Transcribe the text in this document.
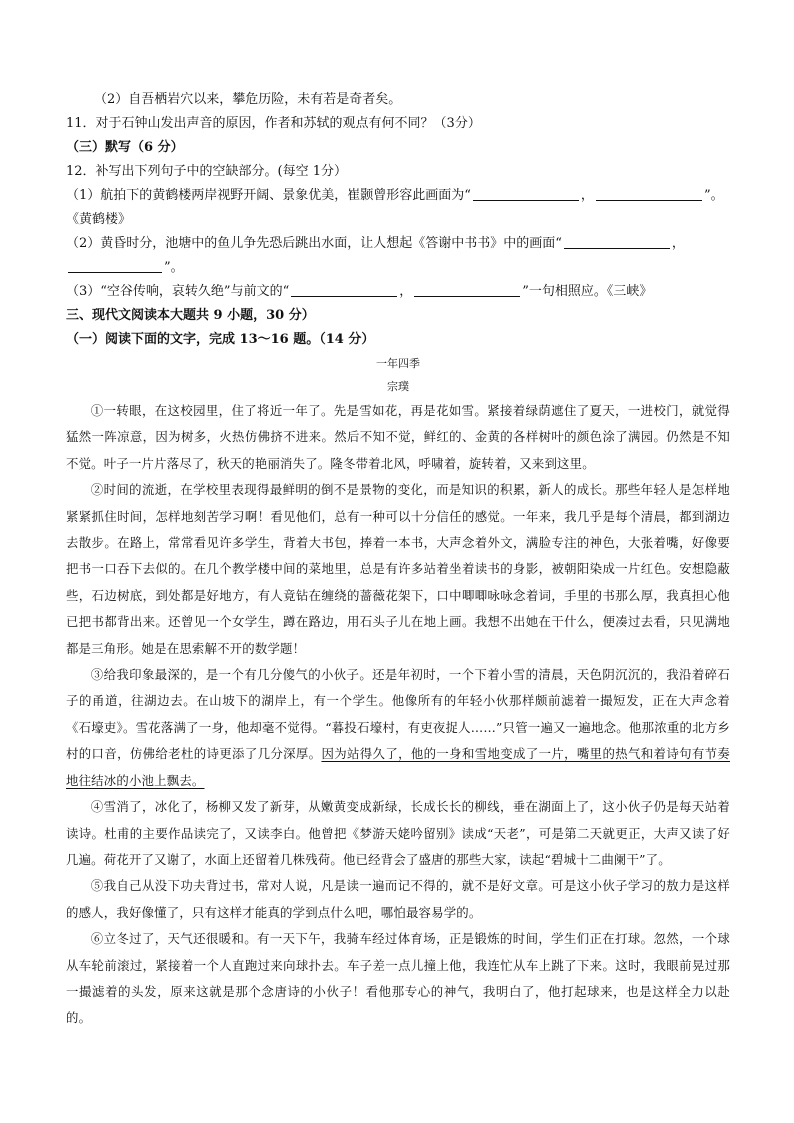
（2）自吾栖岩穴以来，攀危历险，未有若是奇者矣。
11．对于石钟山发出声音的原因，作者和苏轼的观点有何不同？（3分）
（三）默写（6 分）
12．补写出下列句子中的空缺部分。(每空 1分）
（1）航拍下的黄鹤楼两岸视野开阔、景象优美，崔颢曾形容此画面为“	，	”。
《黄鹤楼》
（2）黄昏时分，池塘中的鱼儿争先恐后跳出水面，让人想起《答谢中书书》中的画面“	，
”。
（3）“空谷传响，哀转久绝”与前文的“	，	”一句相照应。《三峡》
三、现代文阅读本大题共 9 小题，30 分）
（一）阅读下面的文字，完成 13～16 题。（14 分）
一年四季
宗璞

①一转眼，在这校园里，住了将近一年了。先是雪如花，再是花如雪。紧接着绿荫遮住了夏天，一进校门，就觉得猛然一阵凉意，因为树多，火热仿佛挤不进来。然后不知不觉，鲜红的、金黄的各样树叶的颜色涂了满园。仍然是不知不觉。叶子一片片落尽了，秋天的艳丽消失了。隆冬带着北风，呼啸着，旋转着，又来到这里。

②时间的流逝，在学校里表现得最鲜明的倒不是景物的变化，而是知识的积累，新人的成长。那些年轻人是怎样地紧紧抓住时间，怎样地刻苦学习啊！看见他们，总有一种可以十分信任的感觉。一年来，我几乎是每个清晨，都到湖边去散步。在路上，常常看见许多学生，背着大书包，捧着一本书，大声念着外文，满脸专注的神色，大张着嘴，好像要把书一口吞下去似的。在几个教学楼中间的菜地里，总是有许多站着坐着读书的身影，被朝阳染成一片红色。安想隐蔽些，石边树底，到处都是好地方，有人竟钻在缠绕的蔷薇花架下，口中唧唧咏咏念着词，手里的书那么厚，我真担心他已把书都背出来。还曾见一个女学生，蹲在路边，用石头子儿在地上画。我想不出她在干什么，便凑过去看，只见满地都是三角形。她是在思索解不开的数学题！

③给我印象最深的，是一个有几分傻气的小伙子。还是年初时，一个下着小雪的清晨，天色阴沉沉的，我沿着碎石子的甬道，往湖边去。在山坡下的湖岸上，有一个学生。他像所有的年轻小伙那样颇前滤着一撮短发，正在大声念着《石壕吏》。雪花落满了一身，他却毫不觉得。“暮投石壕村，有吏夜捉人……”只管一遍又一遍地念。他那浓重的北方乡村的口音，仿佛给老杜的诗更添了几分深厚。因为站得久了，他的一身和雪地变成了一片，嘴里的热气和着诗句有节奏地往结冰的小池上飘去。

④雪消了，冰化了，杨柳又发了新芽，从嫩黄变成新绿，长成长长的柳线，垂在湖面上了，这小伙子仍是每天站着读诗。杜甫的主要作品读完了，又读李白。他曾把《梦游天姥吟留别》读成“天老”，可是第二天就更正，大声又读了好几遍。荷花开了又谢了，水面上还留着几株残荷。他已经背会了盛唐的那些大家，读起“碧城十二曲阑干”了。

⑤我自己从没下功夫背过书，常对人说，凡是读一遍而记不得的，就不是好文章。可是这小伙子学习的敖力是这样的感人，我好像懂了，只有这样才能真的学到点什么吧，哪怕最容易学的。

⑥立冬过了，天气还很暖和。有一天下午，我骑车经过体育场，正是锻炼的时间，学生们正在打球。忽然，一个球从车轮前滚过，紧接着一个人直跑过来向球扑去。车子差一点儿撞上他，我连忙从车上跳了下来。这时，我眼前晃过那一撮滤着的头发，原来这就是那个念唐诗的小伙子！看他那专心的神气，我明白了，他打起球来，也是这样全力以赴的。
